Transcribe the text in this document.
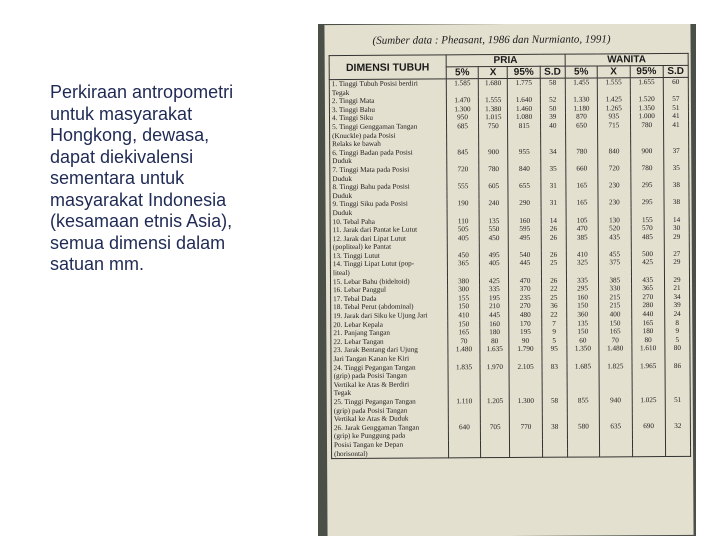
Perkiraan antropometri
untuk masyarakat
Hongkong, dewasa,
dapat diekivalensi
sementara untuk
masyarakat Indonesia
(kesamaan etnis Asia),
semua dimensi dalam
satuan mm.
(Sumber data : Pheasant, 1986 dan Nurmianto, 1991)
DIMENSI TUBUH	PRIA				WANITA			
	5%	X	95%	S.D	5%	X	95%	S.D
1. Tinggi Tubuh Posisi berdiri	1.585	1.680	1.775	58	1.455	1.555	1.655	60
Tegak								
2. Tinggi Mata	1.470	1.555	1.640	52	1.330	1.425	1.520	57
3. Tinggi Bahu	1.300	1.380	1.460	50	1.180	1.265	1.350	51
4. Tinggi Siku	950	1.015	1.080	39	870	935	1.000	41
5. Tinggi Genggaman Tangan	685	750	815	40	650	715	780	41
(Knuckle) pada Posisi								
Relaks ke bawah								
6. Tinggi Badan pada Posisi	845	900	955	34	780	840	900	37
Duduk								
7. Tinggi Mata pada Posisi	720	780	840	35	660	720	780	35
Duduk								
8. Tinggi Bahu pada Posisi	555	605	655	31	165	230	295	38
Duduk								
9. Tinggi Siku pada Posisi	190	240	290	31	165	230	295	38
Duduk								
10. Tebal Paha	110	135	160	14	105	130	155	14
11. Jarak dari Pantat ke Lutut	505	550	595	26	470	520	570	30
12. Jarak dari Lipat Lutut	405	450	495	26	385	435	485	29
(popliteal) ke Pantat								
13. Tinggi Lutut	450	495	540	26	410	455	500	27
14. Tinggi Lipat Lutut (pop-	365	405	445	25	325	375	425	29
liteal)								
15. Lebar Bahu (bideltoid)	380	425	470	26	335	385	435	29
16. Lebar Panggul	300	335	370	22	295	330	365	21
17. Tebal Dada	155	195	235	25	160	215	270	34
18. Tebal Perut (abdominal)	150	210	270	36	150	215	280	39
19. Jarak dari Siku ke Ujung Jari	410	445	480	22	360	400	440	24
20. Lebar Kepala	150	160	170	7	135	150	165	8
21. Panjang Tangan	165	180	195	9	150	165	180	9
22. Lebar Tangan	70	80	90	5	60	70	80	5
23. Jarak Bentang dari Ujung	1.480	1.635	1.790	95	1.350	1.480	1.610	80
Jari Tangan Kanan ke Kiri								
24. Tinggi Pegangan Tangan	1.835	1.970	2.105	83	1.685	1.825	1.965	86
(grip) pada Posisi Tangan								
Vertikal ke Atas & Berdiri								
Tegak								
25. Tinggi Pegangan Tangan	1.110	1.205	1.300	58	855	940	1.025	51
(grip) pada Posisi Tangan								
Vertikal ke Atas & Duduk								
26. Jarak Genggaman Tangan	640	705	770	38	580	635	690	32
(grip) ke Punggung pada								
Posisi Tangan ke Depan								
(horisontal)								
